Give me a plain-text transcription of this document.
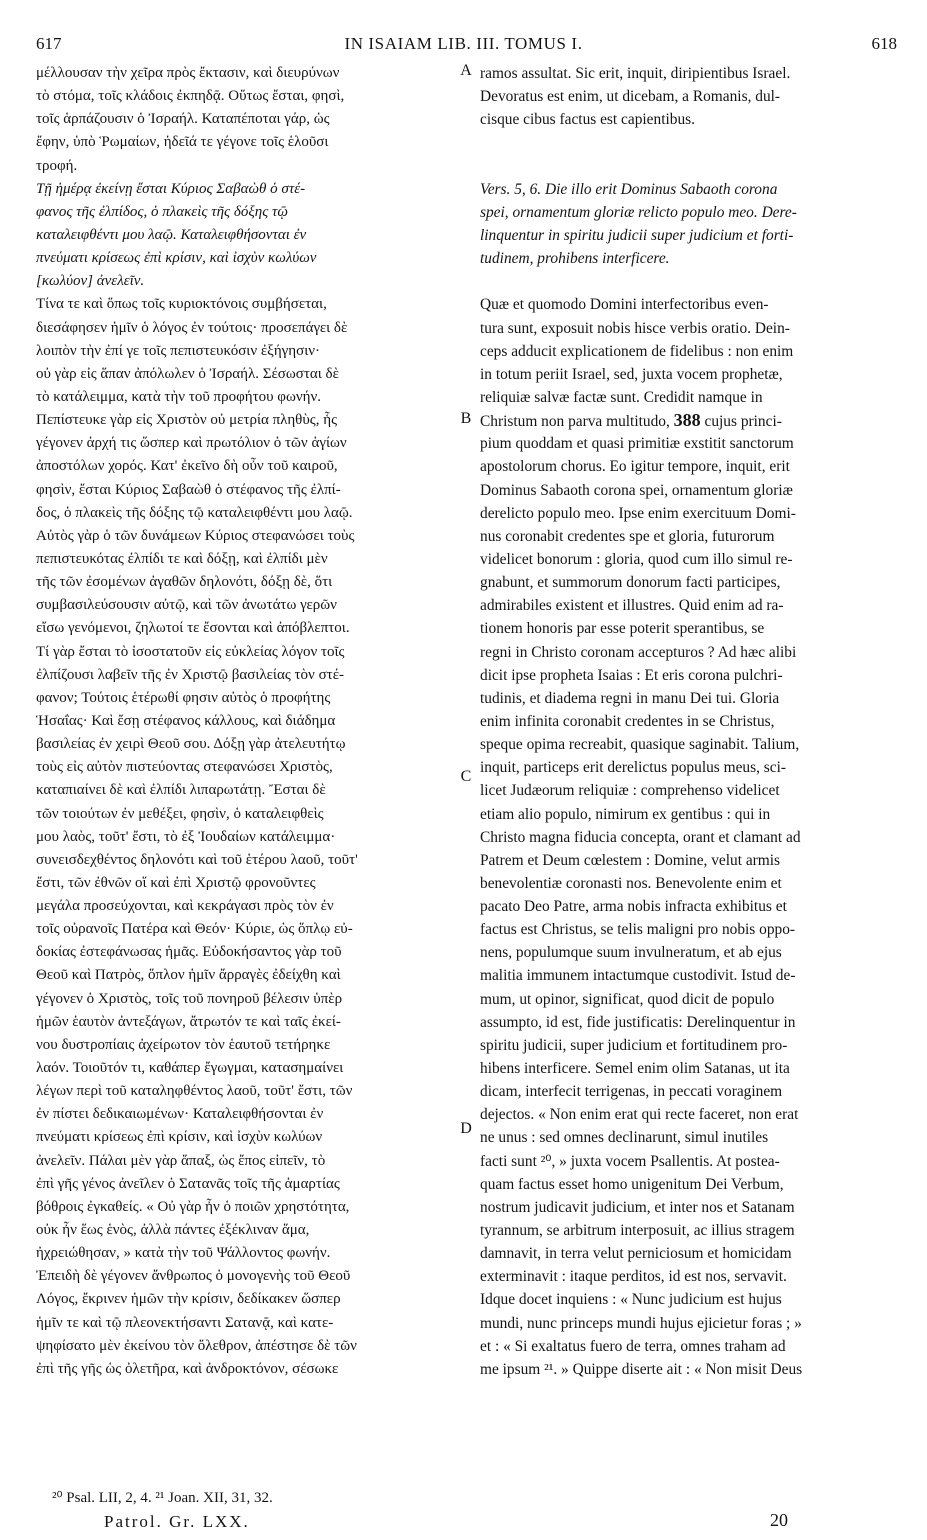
617	IN ISAIAM LIB. III. TOMUS I.	618
μέλλουσαν τὴν χεῖρα πρὸς ἔκτασιν, καὶ διευρύνων
τὸ στόμα, τοῖς κλάδοις ἐκπηδᾷ. Οὕτως ἔσται, φησὶ,
τοῖς ἁρπάζουσιν ὁ Ἰσραήλ. Καταπέποται γάρ, ὡς
ἔφην, ὑπὸ Ῥωμαίων, ἡδεῖά τε γέγονε τοῖς ἑλοῦσι
τροφή.
Τῇ ἡμέρᾳ ἐκείνῃ ἔσται Κύριος Σαβαὼθ ὁ στέ-
φανος τῆς ἐλπίδος, ὁ πλακεὶς τῆς δόξης τῷ
καταλειφθέντι μου λαῷ. Καταλειφθήσονται ἐν
πνεύματι κρίσεως ἐπὶ κρίσιν, καὶ ἰσχὺν κωλύων
[κωλύον] ἀνελεῖν.
Τίνα τε καὶ ὅπως τοῖς κυριοκτόνοις συμβήσεται,
διεσάφησεν ἡμῖν ὁ λόγος ἐν τούτοις· προσεπάγει δὲ
λοιπὸν τὴν ἐπί γε τοῖς πεπιστευκόσιν ἐξήγησιν·
οὐ γὰρ εἰς ἅπαν ἀπόλωλεν ὁ Ἰσραήλ. Σέσωσται δὲ
τὸ κατάλειμμα, κατὰ τὴν τοῦ προφήτου φωνήν.
Πεπίστευκε γὰρ εἰς Χριστὸν οὐ μετρία πληθὺς, ἧς
γέγονεν ἀρχή τις ὥσπερ καὶ πρωτόλιον ὁ τῶν ἁγίων
ἀποστόλων χορός. Κατ' ἐκεῖνο δὴ οὖν τοῦ καιροῦ,
φησὶν, ἔσται Κύριος Σαβαὼθ ὁ στέφανος τῆς ἐλπί-
δος, ὁ πλακεὶς τῆς δόξης τῷ καταλειφθέντι μου λαῷ.
Αὐτὸς γὰρ ὁ τῶν δυνάμεων Κύριος στεφανώσει τοὺς
πεπιστευκότας ἐλπίδι τε καὶ δόξῃ, καὶ ἐλπίδι μὲν
τῆς τῶν ἐσομένων ἀγαθῶν δηλονότι, δόξῃ δὲ, ὅτι
συμβασιλεύσουσιν αὐτῷ, καὶ τῶν ἀνωτάτω γερῶν
εἴσω γενόμενοι, ζηλωτοί τε ἔσονται καὶ ἀπόβλεπτοι.
Τί γὰρ ἔσται τὸ ἰσοστατοῦν εἰς εὐκλείας λόγον τοῖς
ἐλπίζουσι λαβεῖν τῆς ἐν Χριστῷ βασιλείας τὸν στέ-
φανον; Τούτοις ἑτέρωθί φησιν αὐτὸς ὁ προφήτης
Ἡσαΐας· Καὶ ἔσῃ στέφανος κάλλους, καὶ διάδημα
βασιλείας ἐν χειρὶ Θεοῦ σου. Δόξῃ γὰρ ἀτελευτήτῳ
τοὺς εἰς αὐτὸν πιστεύοντας στεφανώσει Χριστὸς,
καταπιαίνει δὲ καὶ ἐλπίδι λιπαρωτάτῃ. Ἔσται δὲ
τῶν τοιούτων ἐν μεθέξει, φησὶν, ὁ καταλειφθεὶς
μου λαὸς, τοῦτ' ἔστι, τὸ ἐξ Ἰουδαίων κατάλειμμα·
συνεισδεχθέντος δηλονότι καὶ τοῦ ἑτέρου λαοῦ, τοῦτ'
ἔστι, τῶν ἐθνῶν οἵ καὶ ἐπὶ Χριστῷ φρονοῦντες
μεγάλα προσεύχονται, καὶ κεκράγασι πρὸς τὸν ἐν
τοῖς οὐρανοῖς Πατέρα καὶ Θεόν· Κύριε, ὡς ὅπλῳ εὐ-
δοκίας ἐστεφάνωσας ἡμᾶς. Εὐδοκήσαντος γὰρ τοῦ
Θεοῦ καὶ Πατρὸς, ὅπλον ἡμῖν ἄρραγὲς ἐδείχθη καὶ
γέγονεν ὁ Χριστὸς, τοῖς τοῦ πονηροῦ βέλεσιν ὑπὲρ
ἡμῶν ἑαυτὸν ἀντεξάγων, ἄτρωτόν τε καὶ ταῖς ἐκεί-
νου δυστροπίαις ἀχείρωτον τὸν ἑαυτοῦ τετήρηκε
λαόν. Τοιοῦτόν τι, καθάπερ ἔγωγμαι, κατασημαίνει
λέγων περὶ τοῦ καταληφθέντος λαοῦ, τοῦτ' ἔστι, τῶν
ἐν πίστει δεδικαιωμένων· Καταλειφθήσονται ἐν
πνεύματι κρίσεως ἐπὶ κρίσιν, καὶ ἰσχὺν κωλύων
ἀνελεῖν. Πάλαι μὲν γὰρ ἅπαξ, ὡς ἔπος εἰπεῖν, τὸ
ἐπὶ γῆς γένος ἀνεῖλεν ὁ Σατανᾶς τοῖς τῆς ἁμαρτίας
βόθροις ἐγκαθείς. « Οὐ γὰρ ἦν ὁ ποιῶν χρηστότητα,
οὐκ ἦν ἕως ἑνὸς, ἀλλὰ πάντες ἐξέκλιναν ἅμα,
ἠχρειώθησαν, » κατὰ τὴν τοῦ Ψάλλοντος φωνήν.
Ἐπειδὴ δὲ γέγονεν ἄνθρωπος ὁ μονογενὴς τοῦ Θεοῦ
Λόγος, ἔκρινεν ἡμῶν τὴν κρίσιν, δεδίκακεν ὥσπερ
ἡμῖν τε καὶ τῷ πλεονεκτήσαντι Σατανᾷ, καὶ κατε-
ψηφίσατο μὲν ἐκείνου τὸν ὄλεθρον, ἀπέστησε δὲ τῶν
ἐπὶ τῆς γῆς ὡς ὀλετῆρα, καὶ ἀνδροκτόνον, σέσωκε
A
B
C
D
ramos assultat. Sic erit, inquit, diripientibus Israel.
Devoratus est enim, ut dicebam, a Romanis, dul-
cisque cibus factus est capientibus.
Vers. 5, 6. Die illo erit Dominus Sabaoth corona
spei, ornamentum gloriæ relicto populo meo. Dere-
linquentur in spiritu judicii super judicium et forti-
tudinem, prohibens interficere.
Quæ et quomodo Domini interfectoribus even-
tura sunt, exposuit nobis hisce verbis oratio. Dein-
ceps adducit explicationem de fidelibus : non enim
in totum periit Israel, sed, juxta vocem prophetæ,
reliquiæ salvæ factæ sunt. Credidit namque in
Christum non parva multitudo, 388 cujus princi-
pium quoddam et quasi primitiæ exstitit sanctorum
apostolorum chorus. Eo igitur tempore, inquit, erit
Dominus Sabaoth corona spei, ornamentum gloriæ
derelicto populo meo. Ipse enim exercituum Domi-
nus coronabit credentes spe et gloria, futurorum
videlicet bonorum : gloria, quod cum illo simul re-
gnabunt, et summorum donorum facti participes,
admirabiles existent et illustres. Quid enim ad ra-
tionem honoris par esse poterit sperantibus, se
regni in Christo coronam accepturos ? Ad hæc alibi
dicit ipse propheta Isaias : Et eris corona pulchri-
tudinis, et diadema regni in manu Dei tui. Gloria
enim infinita coronabit credentes in se Christus,
speque opima recreabit, quasique saginabit. Talium,
inquit, particeps erit derelictus populus meus, sci-
licet Judæorum reliquiæ : comprehenso videlicet
etiam alio populo, nimirum ex gentibus : qui in
Christo magna fiducia concepta, orant et clamant ad
Patrem et Deum cœlestem : Domine, velut armis
benevolentiæ coronasti nos. Benevolente enim et
pacato Deo Patre, arma nobis infracta exhibitus et
factus est Christus, se telis maligni pro nobis oppo-
nens, populumque suum invulneratum, et ab ejus
malitia immunem intactumque custodivit. Istud de-
mum, ut opinor, significat, quod dicit de populo
assumpto, id est, fide justificatis: Derelinquentur in
spiritu judicii, super judicium et fortitudinem pro-
hibens interficere. Semel enim olim Satanas, ut ita
dicam, interfecit terrigenas, in peccati voraginem
dejectos. « Non enim erat qui recte faceret, non erat
ne unus : sed omnes declinarunt, simul inutiles
facti sunt ²⁰, » juxta vocem Psallentis. At postea-
quam factus esset homo unigenitum Dei Verbum,
nostrum judicavit judicium, et inter nos et Satanam
tyrannum, se arbitrum interposuit, ac illius stragem
damnavit, in terra velut perniciosum et homicidam
exterminavit : itaque perditos, id est nos, servavit.
Idque docet inquiens : « Nunc judicium est hujus
mundi, nunc princeps mundi hujus ejicietur foras ; »
et : « Si exaltatus fuero de terra, omnes traham ad
me ipsum ²¹. » Quippe diserte ait : « Non misit Deus
²⁰ Psal. LII, 2, 4. ²¹ Joan. XII, 31, 32.
Patrol. Gr. LXX.	20
